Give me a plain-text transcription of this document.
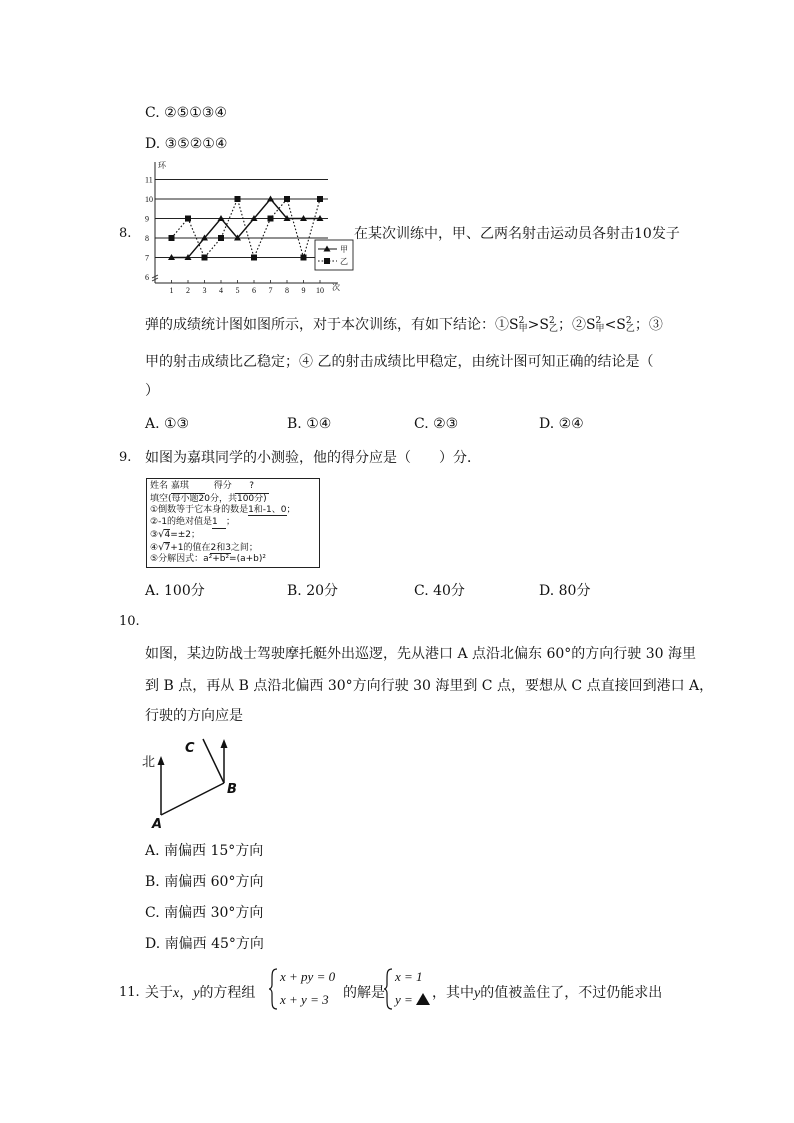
C. ②⑤①③④
D. ③⑤②①④
8.
环
次
6
7
8
9
10
11
1 2 3 4 5 6 7 8 9 10
甲
乙
在某次训练中，甲、乙两名射击运动员各射击10发子
弹的成绩统计图如图所示，对于本次训练，有如下结论：①S 2
甲 >S 2
乙 ；②S 2
甲 <S 2
乙 ；③
甲的射击成绩比乙稳定；④ 乙的射击成绩比甲稳定，由统计图可知正确的结论是（
）
A. ①③	B. ①④	C. ②③	D. ②④
9. 如图为嘉琪同学的小测验，他的得分应是（　　）分．
姓名 嘉琪	得分 ?
填空(每小题20分，共100分)
①倒数等于它本身的数是1和-1、0；
②-1的绝对值是1 ；
③√4=±2；
④√7+1的值在2和3之间；
⑤分解因式：a²+b²=(a+b)²
A. 100分	B. 20分	C. 40分	D. 80分
10.
如图，某边防战士驾驶摩托艇外出巡逻，先从港口 A 点沿北偏东 60°的方向行驶 30 海里
到 B 点，再从 B 点沿北偏西 30°方向行驶 30 海里到 C 点，要想从 C 点直接回到港口 A，
行驶的方向应是
北
A
B
C
A. 南偏西 15°方向
B. 南偏西 60°方向
C. 南偏西 30°方向
D. 南偏西 45°方向
11. 关于x，y的方程组
x + py = 0
x + y = 3 的解是
x = 1
y =	，其中y的值被盖住了，不过仍能求出
